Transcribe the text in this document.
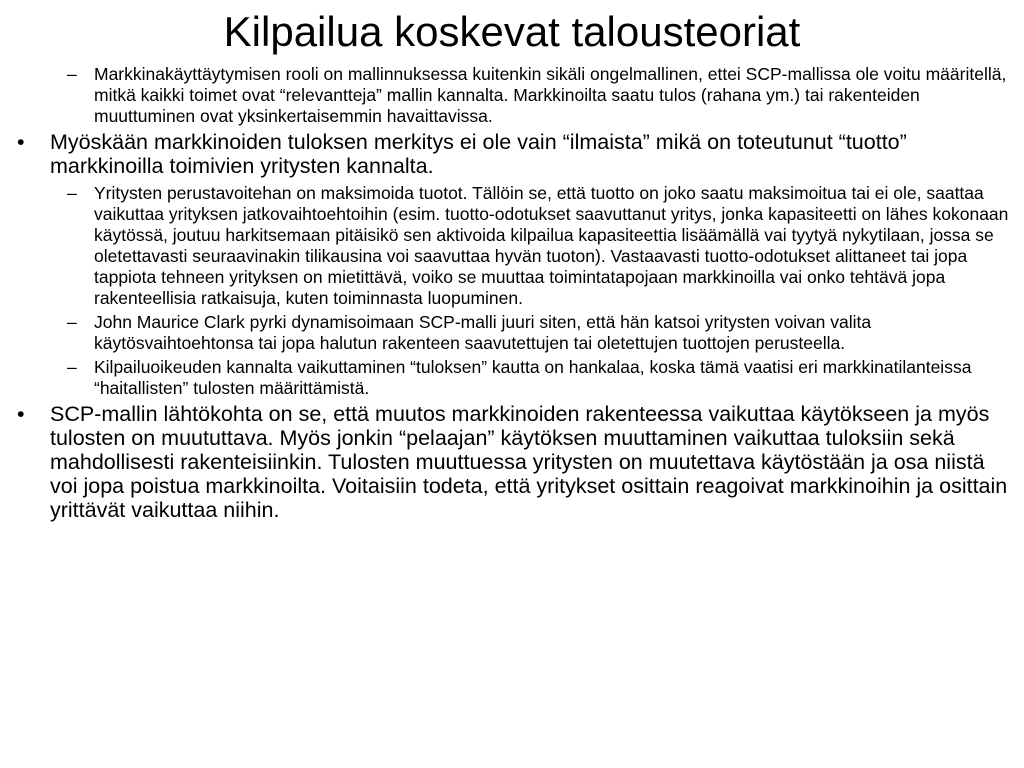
Kilpailua koskevat talousteoriat
– Markkinakäyttäytymisen rooli on mallinnuksessa kuitenkin sikäli ongelmallinen, ettei SCP-mallissa ole voitu määritellä, mitkä kaikki toimet ovat “relevantteja” mallin kannalta. Markkinoilta saatu tulos (rahana ym.) tai rakenteiden muuttuminen ovat yksinkertaisemmin havaittavissa.
• Myöskään markkinoiden tuloksen merkitys ei ole vain “ilmaista” mikä on toteutunut “tuotto” markkinoilla toimivien yritysten kannalta.
– Yritysten perustavoitehan on maksimoida tuotot. Tällöin se, että tuotto on joko saatu maksimoitua tai ei ole, saattaa vaikuttaa yrityksen jatkovaihtoehtoihin (esim. tuotto-odotukset saavuttanut yritys, jonka kapasiteetti on lähes kokonaan käytössä, joutuu harkitsemaan pitäisikö sen aktivoida kilpailua kapasiteettia lisäämällä vai tyytyä nykytilaan, jossa se oletettavasti seuraavinakin tilikausina voi saavuttaa hyvän tuoton). Vastaavasti tuotto-odotukset alittaneet tai jopa tappiota tehneen yrityksen on mietittävä, voiko se muuttaa toimintatapojaan markkinoilla vai onko tehtävä jopa rakenteellisia ratkaisuja, kuten toiminnasta luopuminen.
– John Maurice Clark pyrki dynamisoimaan SCP-malli juuri siten, että hän katsoi yritysten voivan valita käytösvaihtoehtonsa tai jopa halutun rakenteen saavutettujen tai oletettujen tuottojen perusteella.
– Kilpailuoikeuden kannalta vaikuttaminen “tuloksen” kautta on hankalaa, koska tämä vaatisi eri markkinatilanteissa “haitallisten” tulosten määrittämistä.
• SCP-mallin lähtökohta on se, että muutos markkinoiden rakenteessa vaikuttaa käytökseen ja myös tulosten on muututtava. Myös jonkin “pelaajan” käytöksen muuttaminen vaikuttaa tuloksiin sekä mahdollisesti rakenteisiinkin. Tulosten muuttuessa yritysten on muutettava käytöstään ja osa niistä voi jopa poistua markkinoilta. Voitaisiin todeta, että yritykset osittain reagoivat markkinoihin ja osittain yrittävät vaikuttaa niihin.
